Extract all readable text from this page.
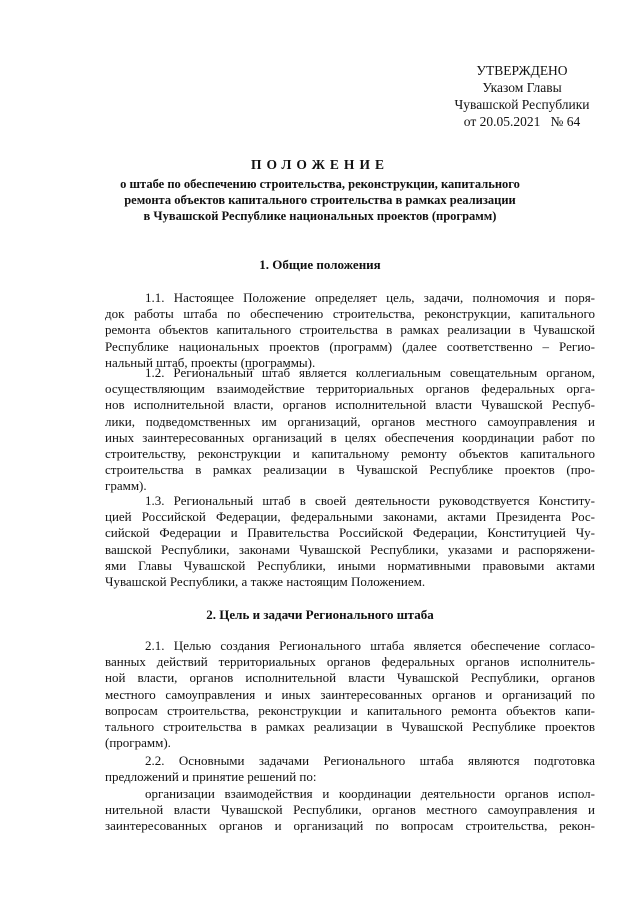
УТВЕРЖДЕНО
Указом Главы
Чувашской Республики
от 20.05.2021   № 64
ПОЛОЖЕНИЕ
о штабе по обеспечению строительства, реконструкции, капитального
ремонта объектов капитального строительства в рамках реализации
в Чувашской Республике национальных проектов (программ)
1. Общие положения
1.1. Настоящее Положение определяет цель, задачи, полномочия и поря-
док работы штаба по обеспечению строительства, реконструкции, капитального
ремонта объектов капитального строительства в рамках реализации в Чувашской
Республике национальных проектов (программ) (далее соответственно – Регио-
нальный штаб, проекты (программы).
1.2. Региональный штаб является коллегиальным совещательным органом,
осуществляющим взаимодействие территориальных органов федеральных орга-
нов исполнительной власти, органов исполнительной власти Чувашской Респуб-
лики, подведомственных им организаций, органов местного самоуправления и
иных заинтересованных организаций в целях обеспечения координации работ по
строительству, реконструкции и капитальному ремонту объектов капитального
строительства в рамках реализации в Чувашской Республике проектов (про-
грамм).
1.3. Региональный штаб в своей деятельности руководствуется Конститу-
цией Российской Федерации, федеральными законами, актами Президента Рос-
сийской Федерации и Правительства Российской Федерации, Конституцией Чу-
вашской Республики, законами Чувашской Республики, указами и распоряжени-
ями Главы Чувашской Республики, иными нормативными правовыми актами
Чувашской Республики, а также настоящим Положением.
2. Цель и задачи Регионального штаба
2.1. Целью создания Регионального штаба является обеспечение согласо-
ванных действий территориальных органов федеральных органов исполнитель-
ной власти, органов исполнительной власти Чувашской Республики, органов
местного самоуправления и иных заинтересованных органов и организаций по
вопросам строительства, реконструкции и капитального ремонта объектов капи-
тального строительства в рамках реализации в Чувашской Республике проектов
(программ).
2.2. Основными задачами Регионального штаба являются подготовка
предложений и принятие решений по:
организации взаимодействия и координации деятельности органов испол-
нительной власти Чувашской Республики, органов местного самоуправления и
заинтересованных органов и организаций по вопросам строительства, рекон-
